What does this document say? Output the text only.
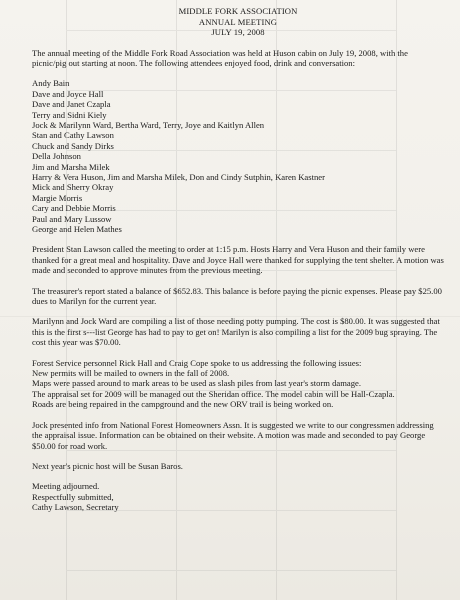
MIDDLE FORK ASSOCIATION
ANNUAL MEETING
JULY 19, 2008

The annual meeting of the Middle Fork Road Association was held at Huson cabin on July 19, 2008, with the picnic/pig out starting at noon. The following attendees enjoyed food, drink and conversation:

Andy Bain
Dave and Joyce Hall
Dave and Janet Czapla
Terry and Sidni Kiely
Jock & Marilynn Ward, Bertha Ward, Terry, Joye and Kaitlyn Allen
Stan and Cathy Lawson
Chuck and Sandy Dirks
Della Johnson
Jim and Marsha Milek
Harry & Vera Huson, Jim and Marsha Milek, Don and Cindy Sutphin, Karen Kastner
Mick and Sherry Okray
Margie Morris
Cary and Debbie Morris
Paul and Mary Lussow
George and Helen Mathes

President Stan Lawson called the meeting to order at 1:15 p.m. Hosts Harry and Vera Huson and their family were thanked for a great meal and hospitality. Dave and Joyce Hall were thanked for supplying the tent shelter. A motion was made and seconded to approve minutes from the previous meeting.

The treasurer's report stated a balance of $652.83. This balance is before paying the picnic expenses. Please pay $25.00 dues to Marilyn for the current year.

Marilynn and Jock Ward are compiling a list of those needing potty pumping. The cost is $80.00. It was suggested that this is the first s---list George has had to pay to get on! Marilyn is also compiling a list for the 2009 bug spraying. The cost this year was $70.00.

Forest Service personnel Rick Hall and Craig Cope spoke to us addressing the following issues:

New permits will be mailed to owners in the fall of 2008.

Maps were passed around to mark areas to be used as slash piles from last year's storm damage.

The appraisal set for 2009 will be managed out the Sheridan office. The model cabin will be Hall-Czapla.

Roads are being repaired in the campground and the new ORV trail is being worked on.

Jock presented info from National Forest Homeowners Assn. It is suggested we write to our congressmen addressing the appraisal issue. Information can be obtained on their website. A motion was made and seconded to pay George $50.00 for road work.

Next year's picnic host will be Susan Baros.

Meeting adjourned.

Respectfully submitted,

Cathy Lawson, Secretary
